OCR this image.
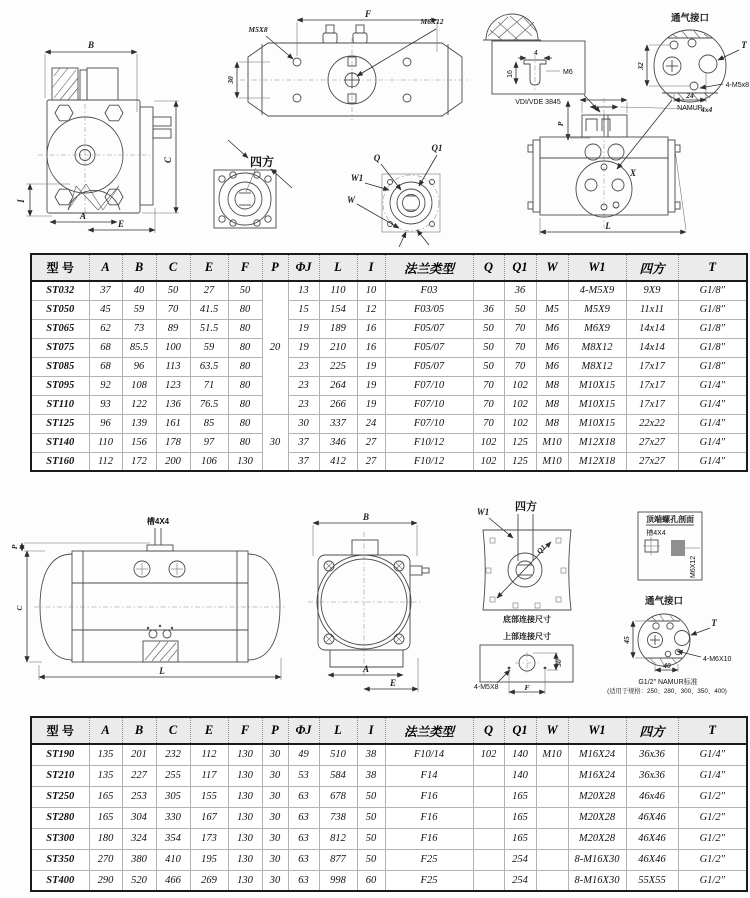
B
C
I
A
E
F
M5X8
M6X12
30
四方	Q
Q1
W1
W
4
M6
16
VDI/VDE 3845
通气接口
32
24
NAMUR
T
4-M5x8
4x4
P
X
L
型 号	A	B	C	E	F	P	ΦJ	L	I	法兰类型	Q	Q1	W	W1	四方	T
ST032	37	40	50	27	50	20	13	110	10	F03		36		4-M5X9	9X9	G1/8″
ST050	45	59	70	41.5	80		15	154	12	F03/05	36	50	M5	M5X9	11x11	G1/8″
ST065	62	73	89	51.5	80		19	189	16	F05/07	50	70	M6	M6X9	14x14	G1/8″
ST075	68	85.5	100	59	80		19	210	16	F05/07	50	70	M6	M8X12	14x14	G1/8″
ST085	68	96	113	63.5	80		23	225	19	F05/07	50	70	M6	M8X12	17x17	G1/8″
ST095	92	108	123	71	80		23	264	19	F07/10	70	102	M8	M10X15	17x17	G1/4″
ST110	93	122	136	76.5	80		23	266	19	F07/10	70	102	M8	M10X15	17x17	G1/4″
ST125	96	139	161	85	80	30	30	337	24	F07/10	70	102	M8	M10X15	22x22	G1/4″
ST140	110	156	178	97	80		37	346	27	F10/12	102	125	M10	M12X18	27x27	G1/4″
ST160	112	172	200	106	130		37	412	27	F10/12	102	125	M10	M12X18	27x27	G1/4″
槽4X4
P
C
L
B
A
E
W1 四方
Q1
底部连接尺寸
上部连接尺寸
30
4-M5X8	F
顶端螺孔剖面
槽4X4
M6X12
通气接口
45
T
4-M6X10
40
G1/2″ NAMUR标准
(适用于规格：250、280、300、350、400)
型 号	A	B	C	E	F	P	ΦJ	L	I	法兰类型	Q	Q1	W	W1	四方	T
ST190	135	201	232	112	130	30	49	510	38	F10/14	102	140	M10	M16X24	36x36	G1/4″
ST210	135	227	255	117	130	30	53	584	38	F14		140		M16X24	36x36	G1/4″
ST250	165	253	305	155	130	30	63	678	50	F16		165		M20X28	46x46	G1/2″
ST280	165	304	330	167	130	30	63	738	50	F16		165		M20X28	46X46	G1/2″
ST300	180	324	354	173	130	30	63	812	50	F16		165		M20X28	46X46	G1/2″
ST350	270	380	410	195	130	30	63	877	50	F25		254		8-M16X30	46X46	G1/2″
ST400	290	520	466	269	130	30	63	998	60	F25		254		8-M16X30	55X55	G1/2″
